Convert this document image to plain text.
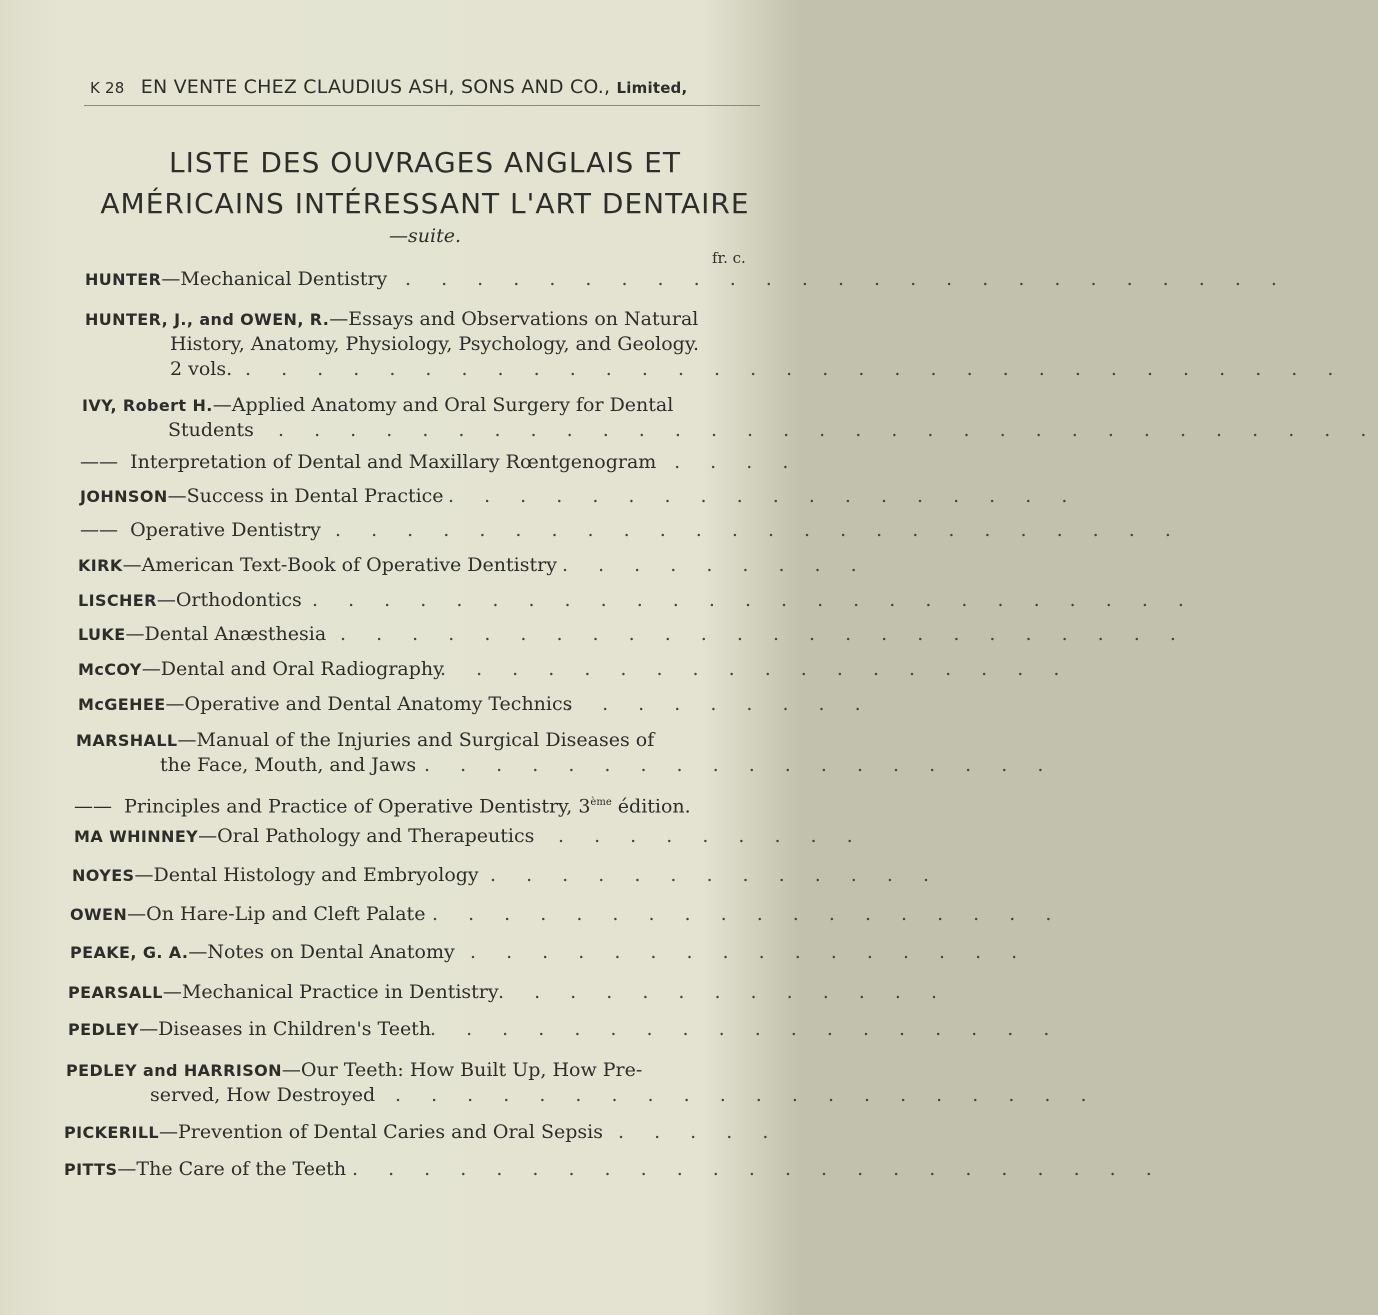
K 28 EN VENTE CHEZ CLAUDIUS ASH, SONS AND CO., Limited,
LISTE DES OUVRAGES ANGLAIS ET
AMÉRICAINS INTÉRESSANT L'ART DENTAIRE
—suite.
fr. c.
HUNTER—Mechanical Dentistry . . . . . . . . . . . . . . . . . . . . . . . . .
HUNTER, J., and OWEN, R.—Essays and Observations on Natural
History, Anatomy, Physiology, Psychology, and Geology.
2 vols. . . . . . . . . . . . . . . . . . . . . . . . . . . . . . . .
IVY, Robert H.—Applied Anatomy and Oral Surgery for Dental
Students . . . . . . . . . . . . . . . . . . . . . . . . . . . . . . .
—— Interpretation of Dental and Maxillary Rœntgenogram
. . . . .
JOHNSON—Success in Dental Practice . . . . . . . . . . . . . . . . . .
—— Operative Dentistry . . . . . . . . . . . . . . . . . . . . . . . .
KIRK—American Text-Book of Operative Dentistry . . . . . . . . .
LISCHER—Orthodontics . . . . . . . . . . . . . . . . . . . . . . . . .
LUKE—Dental Anæsthesia . . . . . . . . . . . . . . . . . . . . . . . .
McCOY—Dental and Oral Radiography
. . . . . . . . . . . . . . . . . .
McGEHEE—Operative and Dental Anatomy Technics
. . . . . . . . .
MARSHALL—Manual of the Injuries and Surgical Diseases of
the Face, Mouth, and Jaws . . . . . . . . . . . . . . . . . .
—— Principles and Practice of Operative Dentistry, 3ème édition.
MA WHINNEY—Oral Pathology and Therapeutics . . . . . . . . .
NOYES—Dental Histology and Embryology . . . . . . . . . . . . .
OWEN—On Hare-Lip and Cleft Palate . . . . . . . . . . . . . . . . . .
PEAKE, G. A.—Notes on Dental Anatomy . . . . . . . . . . . . . . . .
PEARSALL—Mechanical Practice in Dentistry . . . . . . . . . . . . .
PEDLEY—Diseases in Children's Teeth
. . . . . . . . . . . . . . . . . .
PEDLEY and HARRISON—Our Teeth: How Built Up, How Pre-
served, How Destroyed . . . . . . . . . . . . . . . . . . . .
PICKERILL—Prevention of Dental Caries and Oral Sepsis . . . . .
PITTS—The Care of the Teeth . . . . . . . . . . . . . . . . . . . . . . .
